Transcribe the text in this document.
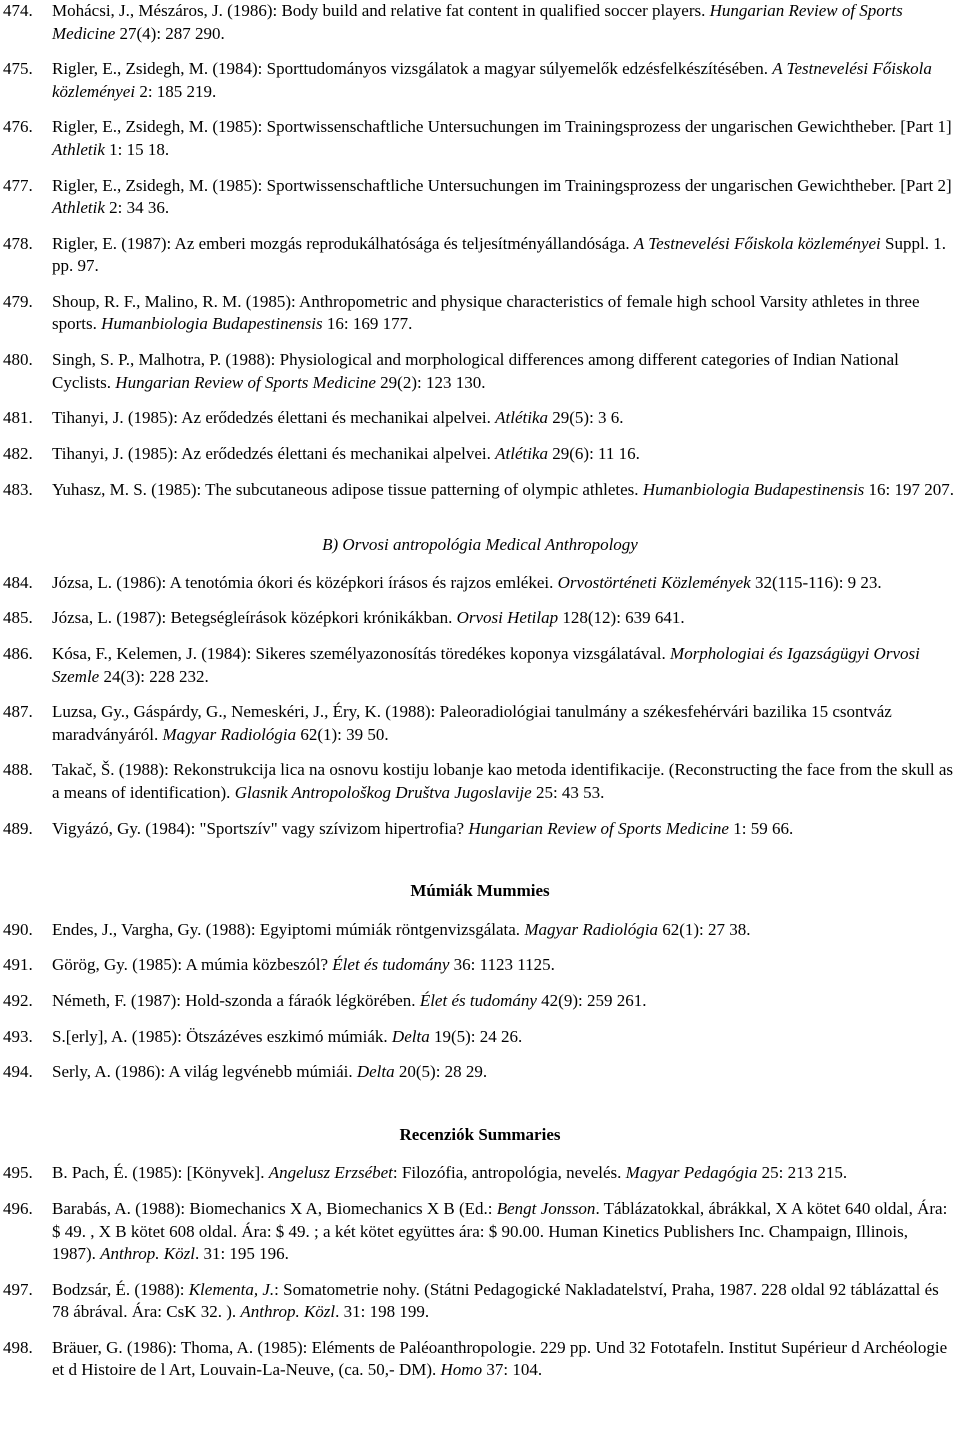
474. Mohácsi, J., Mészáros, J. (1986): Body build and relative fat content in qualified soccer players. Hungarian Review of Sports Medicine 27(4): 287 290.
475. Rigler, E., Zsidegh, M. (1984): Sporttudományos vizsgálatok a magyar súlyemelők edzésfelkészítésében. A Testnevelési Főiskola közleményei 2: 185 219.
476. Rigler, E., Zsidegh, M. (1985): Sportwissenschaftliche Untersuchungen im Trainingsprozess der ungarischen Gewichtheber. [Part 1] Athletik 1: 15 18.
477. Rigler, E., Zsidegh, M. (1985): Sportwissenschaftliche Untersuchungen im Trainingsprozess der ungarischen Gewichtheber. [Part 2] Athletik 2: 34 36.
478. Rigler, E. (1987): Az emberi mozgás reprodukálhatósága és teljesítményállandósága. A Testnevelési Főiskola közleményei Suppl. 1. pp. 97.
479. Shoup, R. F., Malino, R. M. (1985): Anthropometric and physique characteristics of female high school Varsity athletes in three sports. Humanbiologia Budapestinensis 16: 169 177.
480. Singh, S. P., Malhotra, P. (1988): Physiological and morphological differences among different categories of Indian National Cyclists. Hungarian Review of Sports Medicine 29(2): 123 130.
481. Tihanyi, J. (1985): Az erődedzés élettani és mechanikai alpelvei. Atlétika 29(5): 3 6.
482. Tihanyi, J. (1985): Az erődedzés élettani és mechanikai alpelvei. Atlétika 29(6): 11 16.
483. Yuhasz, M. S. (1985): The subcutaneous adipose tissue patterning of olympic athletes. Humanbiologia Budapestinensis 16: 197 207.
B) Orvosi antropológia Medical Anthropology
484. Józsa, L. (1986): A tenotómia ókori és középkori írásos és rajzos emlékei. Orvostörténeti Közlemények 32(115-116): 9 23.
485. Józsa, L. (1987): Betegségleírások középkori krónikákban. Orvosi Hetilap 128(12): 639 641.
486. Kósa, F., Kelemen, J. (1984): Sikeres személyazonosítás töredékes koponya vizsgálatával. Morphologiai és Igazságügyi Orvosi Szemle 24(3): 228 232.
487. Luzsa, Gy., Gáspárdy, G., Nemeskéri, J., Éry, K. (1988): Paleoradiológiai tanulmány a székesfehérvári bazilika 15 csontváz maradványáról. Magyar Radiológia 62(1): 39 50.
488. Takač, Š. (1988): Rekonstrukcija lica na osnovu kostiju lobanje kao metoda identifikacije. (Reconstructing the face from the skull as a means of identification). Glasnik Antropološkog Društva Jugoslavije 25: 43 53.
489. Vigyázó, Gy. (1984): "Sportszív" vagy szívizom hipertrofia? Hungarian Review of Sports Medicine 1: 59 66.
Múmiák Mummies
490. Endes, J., Vargha, Gy. (1988): Egyiptomi múmiák röntgenvizsgálata. Magyar Radiológia 62(1): 27 38.
491. Görög, Gy. (1985): A múmia közbeszól? Élet és tudomány 36: 1123 1125.
492. Németh, F. (1987): Hold-szonda a fáraók légkörében. Élet és tudomány 42(9): 259 261.
493. S.[erly], A. (1985): Ötszázéves eszkimó múmiák. Delta 19(5): 24 26.
494. Serly, A. (1986): A világ legvénebb múmiái. Delta 20(5): 28 29.
Recenziók Summaries
495. B. Pach, É. (1985): [Könyvek]. Angelusz Erzsébet: Filozófia, antropológia, nevelés. Magyar Pedagógia 25: 213 215.
496. Barabás, A. (1988): Biomechanics X A, Biomechanics X B (Ed.: Bengt Jonsson. Táblázatokkal, ábrákkal, X A kötet 640 oldal, Ára: $ 49. , X B kötet 608 oldal. Ára: $ 49. ; a két kötet együttes ára: $ 90.00. Human Kinetics Publishers Inc. Champaign, Illinois, 1987). Anthrop. Közl. 31: 195 196.
497. Bodzsár, É. (1988): Klementa, J.: Somatometrie nohy. (Státni Pedagogické Nakladatelství, Praha, 1987. 228 oldal 92 táblázattal és 78 ábrával. Ára: CsK 32. ). Anthrop. Közl. 31: 198 199.
498. Bräuer, G. (1986): Thoma, A. (1985): Eléments de Paléoanthropologie. 229 pp. Und 32 Fototafeln. Institut Supérieur d Archéologie et d Histoire de l Art, Louvain-La-Neuve, (ca. 50,- DM). Homo 37: 104.
